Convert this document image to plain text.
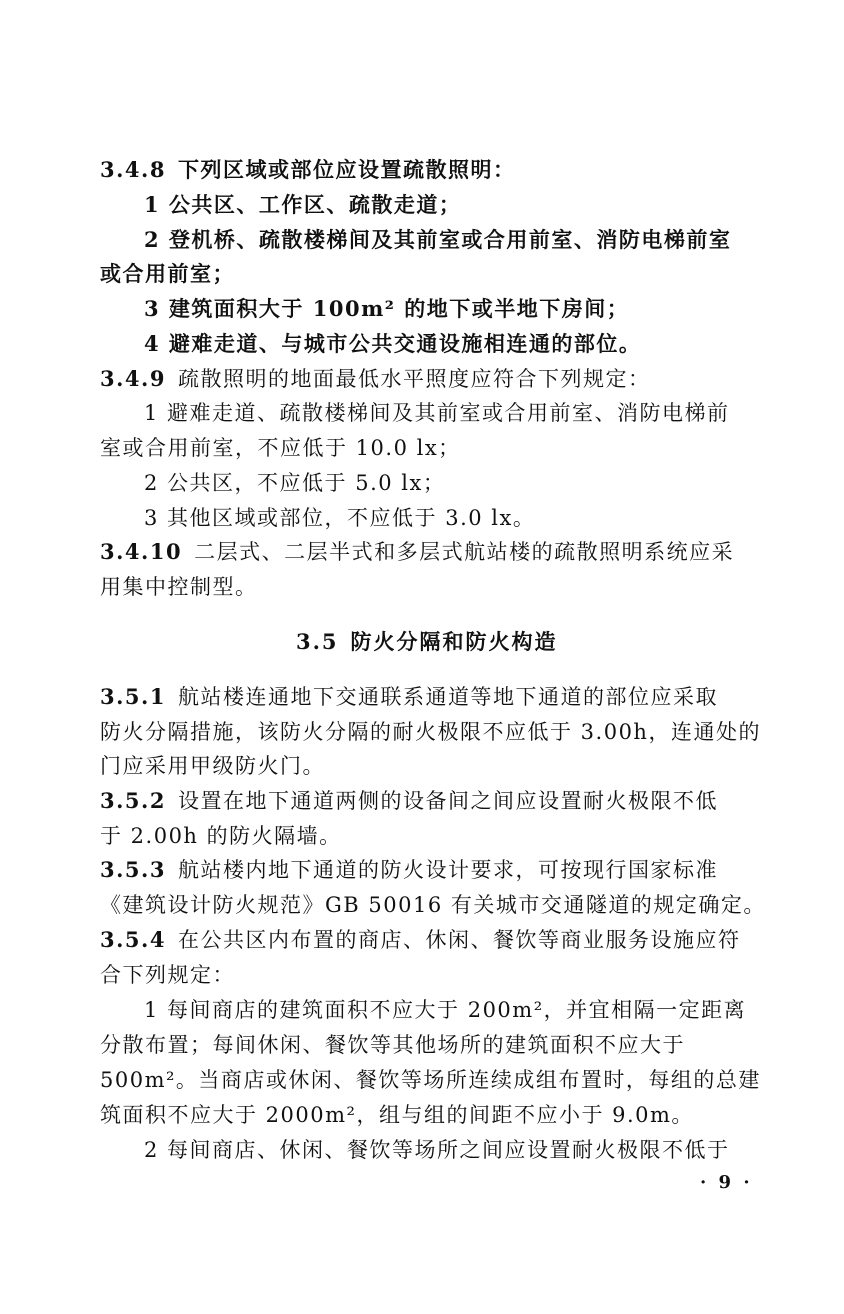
3.4.8 下列区域或部位应设置疏散照明：
1 公共区、工作区、疏散走道；
2 登机桥、疏散楼梯间及其前室或合用前室、消防电梯前室
或合用前室；
3 建筑面积大于 100m² 的地下或半地下房间；
4 避难走道、与城市公共交通设施相连通的部位。
3.4.9 疏散照明的地面最低水平照度应符合下列规定：
1 避难走道、疏散楼梯间及其前室或合用前室、消防电梯前
室或合用前室，不应低于 10.0 lx；
2 公共区，不应低于 5.0 lx；
3 其他区域或部位，不应低于 3.0 lx。
3.4.10 二层式、二层半式和多层式航站楼的疏散照明系统应采
用集中控制型。
3.5 防火分隔和防火构造
3.5.1 航站楼连通地下交通联系通道等地下通道的部位应采取
防火分隔措施，该防火分隔的耐火极限不应低于 3.00h，连通处的
门应采用甲级防火门。
3.5.2 设置在地下通道两侧的设备间之间应设置耐火极限不低
于 2.00h 的防火隔墙。
3.5.3 航站楼内地下通道的防火设计要求，可按现行国家标准
《建筑设计防火规范》GB 50016 有关城市交通隧道的规定确定。
3.5.4 在公共区内布置的商店、休闲、餐饮等商业服务设施应符
合下列规定：
1 每间商店的建筑面积不应大于 200m²，并宜相隔一定距离
分散布置；每间休闲、餐饮等其他场所的建筑面积不应大于
500m²。当商店或休闲、餐饮等场所连续成组布置时，每组的总建
筑面积不应大于 2000m²，组与组的间距不应小于 9.0m。
2 每间商店、休闲、餐饮等场所之间应设置耐火极限不低于
· 9 ·
